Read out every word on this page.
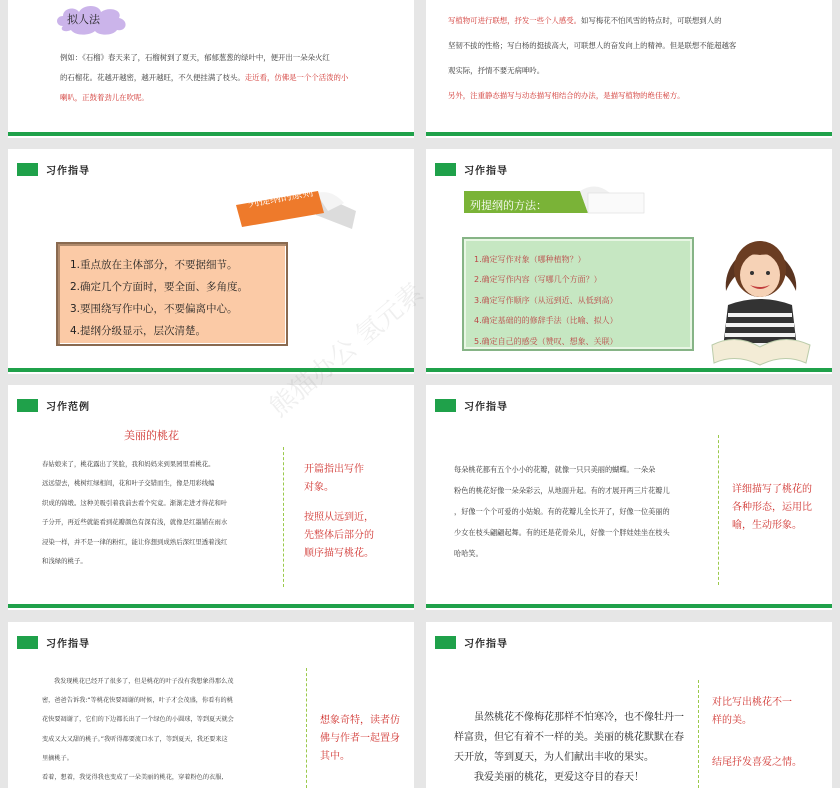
拟人法
例如：《石榴》春天来了，石榴树到了夏天，郁郁葱葱的绿叶中，便开出一朵朵火红
的石榴花。花越开越密，越开越旺，不久便挂满了枝头。走近看，仿佛是一个个活泼的小
喇叭，正鼓着劲儿在吹呢。
写植物可进行联想，抒发一些个人感受。如写梅花不怕风雪的特点时，可联想到人的
坚韧不拔的性格；写白杨的挺拔高大，可联想人的奋发向上的精神。但是联想不能超越客
观实际，抒情不要无病呻吟。
另外，注重静态描写与动态描写相结合的办法，是描写植物的绝佳秘方。
习作指导
列提纲的原则
1.重点放在主体部分，不要据细节。
2.确定几个方面时，要全面、多角度。
3.要围绕写作中心，不要偏离中心。
4.提纲分级显示，层次清楚。
习作指导
列提纲的方法：
1.确定写作对象（哪种植物？）
2.确定写作内容（写哪几个方面？）
3.确定写作顺序（从远到近、从低到高）
4.确定基础的的修辞手法（比喻、拟人）
5.确定自己的感受（赞叹、想象、关联）
习作范例
美丽的桃花
春姑娘来了，桃花露出了笑脸，我和妈妈来到果园里看桃花。
远远望去，桃树红绿相间，花和叶子交错而生，像是用彩线编
织成的锦缎。这种美吸引着我前去看个究竟。渐渐走进才得花和叶
子分开，再近些就能看到花瓣颜色有深有浅，就像是红墨铺在雨水
浸染一样，并不是一律的粉红，能让你想到成熟后深红里透着浅红
和浅绿的桃子。
开篇指出写作
对象。
按照从远到近，
先整体后部分的
顺序描写桃花。
习作指导
每朵桃花都有五个小小的花瓣，就像一只只美丽的蝴蝶。一朵朵
粉色的桃花好像一朵朵彩云，从地面升起。有的才展开两三片花瓣儿
，好像一个个可爱的小姑娘。有的花瓣儿全长开了，好像一位美丽的
少女在枝头翩翩起舞。有的还是花骨朵儿，好像一个胖娃娃坐在枝头
哈哈笑。
详细描写了桃花的
各种形态，运用比
喻，生动形象。
习作指导
我发现桃花已经开了很多了，但是桃花的叶子没有我想象得那么茂
密，爸爸告诉我:“等桃花快要凋谢的时候，叶子才会茂盛，你看有的桃
花快要凋谢了，它们的下边都长出了一个绿色的小圆球，等到夏天就会
变成又大又甜的桃子。”我听得都要流口水了，等到夏天，我还要来这
里摘桃子。
看着，想着，我觉得我也变成了一朵美丽的桃花，穿着粉色的衣服,
想象奇特，读者仿
佛与作者一起置身
其中。
习作指导
虽然桃花不像梅花那样不怕寒冷，也不像牡丹一
样富贵，但它有着不一样的美。美丽的桃花默默在春
天开放，等到夏天，为人们献出丰收的果实。
我爱美丽的桃花，更爱这夺目的春天！
对比写出桃花不一
样的美。
结尾抒发喜爱之情。
熊猫办公
